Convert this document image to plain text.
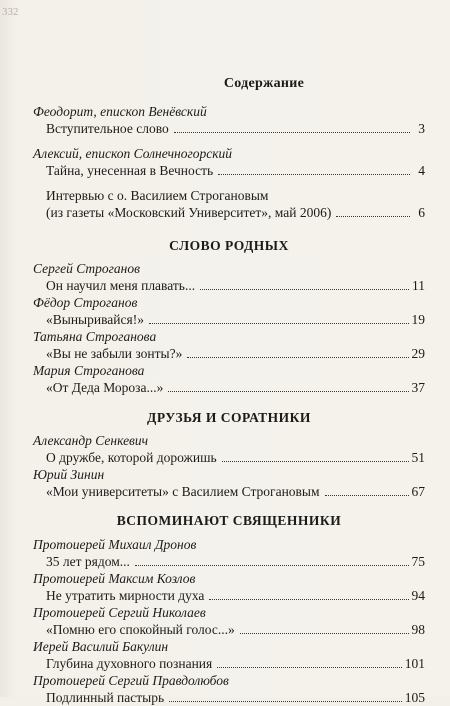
332
Содержание
Феодорит, епископ Венёвский
Вступительное слово	3
Алексий, епископ Солнечногорский
Тайна, унесенная в Вечность	4
Интервью с о. Василием Строгановым
(из газеты «Московский Университет», май 2006)	6
СЛОВО РОДНЫХ
Сергей Строганов
Он научил меня плавать...	11
Фёдор Строганов
«Выныривайся!»	19
Татьяна Строганова
«Вы не забыли зонты?»	29
Мария Строганова
«От Деда Мороза...»	37
ДРУЗЬЯ И СОРАТНИКИ
Александр Сенкевич
О дружбе, которой дорожишь	51
Юрий Зинин
«Мои университеты» с Василием Строгановым	67
ВСПОМИНАЮТ СВЯЩЕННИКИ
Протоиерей Михаил Дронов
35 лет рядом...	75
Протоиерей Максим Козлов
Не утратить мирности духа	94
Протоиерей Сергий Николаев
«Помню его спокойный голос...»	98
Иерей Василий Бакулин
Глубина духовного познания	101
Протоиерей Сергий Правдолюбов
Подлинный пастырь	105
